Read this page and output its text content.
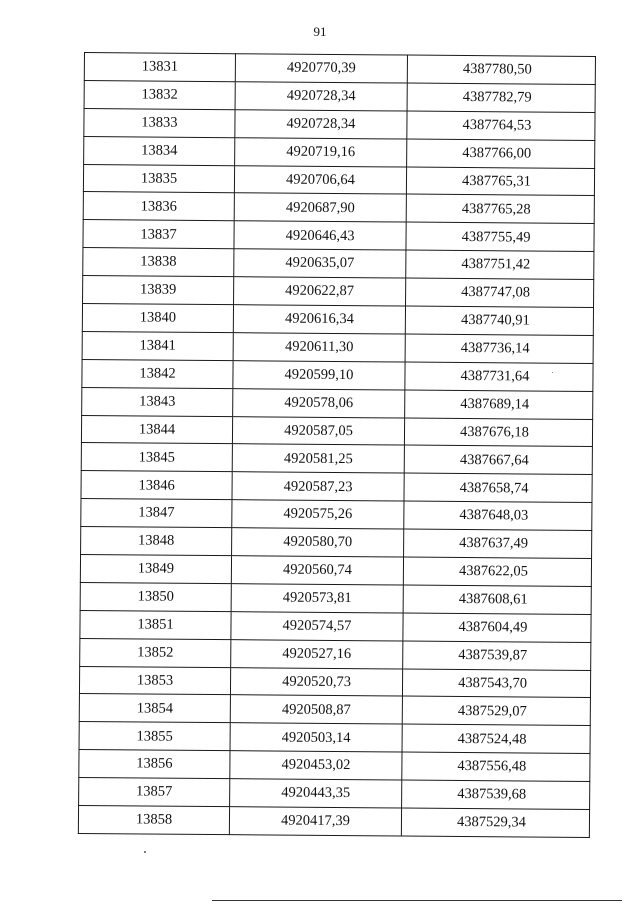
91
13831	4920770,39	4387780,50
13832	4920728,34	4387782,79
13833	4920728,34	4387764,53
13834	4920719,16	4387766,00
13835	4920706,64	4387765,31
13836	4920687,90	4387765,28
13837	4920646,43	4387755,49
13838	4920635,07	4387751,42
13839	4920622,87	4387747,08
13840	4920616,34	4387740,91
13841	4920611,30	4387736,14
13842	4920599,10	4387731,64
13843	4920578,06	4387689,14
13844	4920587,05	4387676,18
13845	4920581,25	4387667,64
13846	4920587,23	4387658,74
13847	4920575,26	4387648,03
13848	4920580,70	4387637,49
13849	4920560,74	4387622,05
13850	4920573,81	4387608,61
13851	4920574,57	4387604,49
13852	4920527,16	4387539,87
13853	4920520,73	4387543,70
13854	4920508,87	4387529,07
13855	4920503,14	4387524,48
13856	4920453,02	4387556,48
13857	4920443,35	4387539,68
13858	4920417,39	4387529,34
